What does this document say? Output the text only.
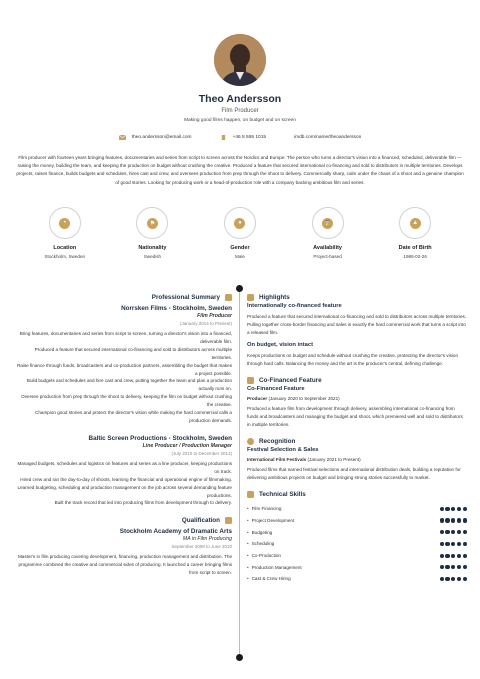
Theo Andersson
Film Producer
Making good films happen, on budget and on screen
theo.andersson@email.com	+46 8 555 1015	imdb.com/name/theoandersson
Film producer with fourteen years bringing features, documentaries and series from script to screen across the Nordics and Europe. The person who turns a director's vision into a financed, scheduled, deliverable film — raising the money, building the team, and keeping the production on budget without crushing the creative. Produced a feature that secured international co-financing and sold to distributors in multiple territories. Develops projects, raises finance, builds budgets and schedules, hires cast and crew, and oversees production from prep through the shoot to delivery. Commercially sharp, calm under the chaos of a shoot and a genuine champion of good stories. Looking for producing work or a head-of-production role with a company backing ambitious film and series.
•
Location
Stockholm, Sweden
⚑
Nationality
Swedish
●
Gender
Male
⌛
Availability
Project-based
▲
Date of Birth
1986-02-26
Professional Summary
Norrsken Films - Stockholm, Sweden
Film Producer
(January 2014 to Present)
Bring features, documentaries and series from script to screen, turning a director's vision into a financed, deliverable film.
Produced a feature that secured international co-financing and sold to distributors across multiple territories.
Raise finance through funds, broadcasters and co-production partners, assembling the budget that makes a project possible.
Build budgets and schedules and hire cast and crew, putting together the team and plan a production actually runs on.
Oversee production from prep through the shoot to delivery, keeping the film on budget without crushing the creative.
Champion good stories and protect the director's vision while making the hard commercial calls a production demands.
Baltic Screen Productions - Stockholm, Sweden
Line Producer / Production Manager
(July 2010 to December 2013)
Managed budgets, schedules and logistics on features and series as a line producer, keeping productions on track.
Hired crew and ran the day-to-day of shoots, learning the financial and operational engine of filmmaking.
Learned budgeting, scheduling and production management on the job across several demanding feature productions.
Built the track record that led into producing films from development through to delivery.
Qualification
Stockholm Academy of Dramatic Arts
MA in Film Producing
September 2008 to June 2010
Master's in film producing covering development, financing, production management and distribution. The programme combined the creative and commercial sides of producing. It launched a career bringing films from script to screen.
Highlights
Internationally co-financed feature
Produced a feature that secured international co-financing and sold to distributors across multiple territories. Pulling together cross-border financing and sales is exactly the hard commercial work that turns a script into a released film.
On budget, vision intact
Keeps productions on budget and schedule without crushing the creative, protecting the director's vision through hard calls. Balancing the money and the art is the producer's central, defining challenge.
Co-Financed Feature
Co-Financed Feature
Producer (January 2020 to September 2021)
Produced a feature film from development through delivery, assembling international co-financing from funds and broadcasters and managing the budget and shoot, which premiered well and sold to distributors in multiple territories.
Recognition
Festival Selection & Sales
International Film Festivals (January 2021 to Present)
Produced films that earned festival selections and international distribution deals, building a reputation for delivering ambitious projects on budget and bringing strong stories successfully to market.
Technical Skills
• Film Financing
• Project Development
• Budgeting
• Scheduling
• Co-Production
• Production Management
• Cast & Crew Hiring
